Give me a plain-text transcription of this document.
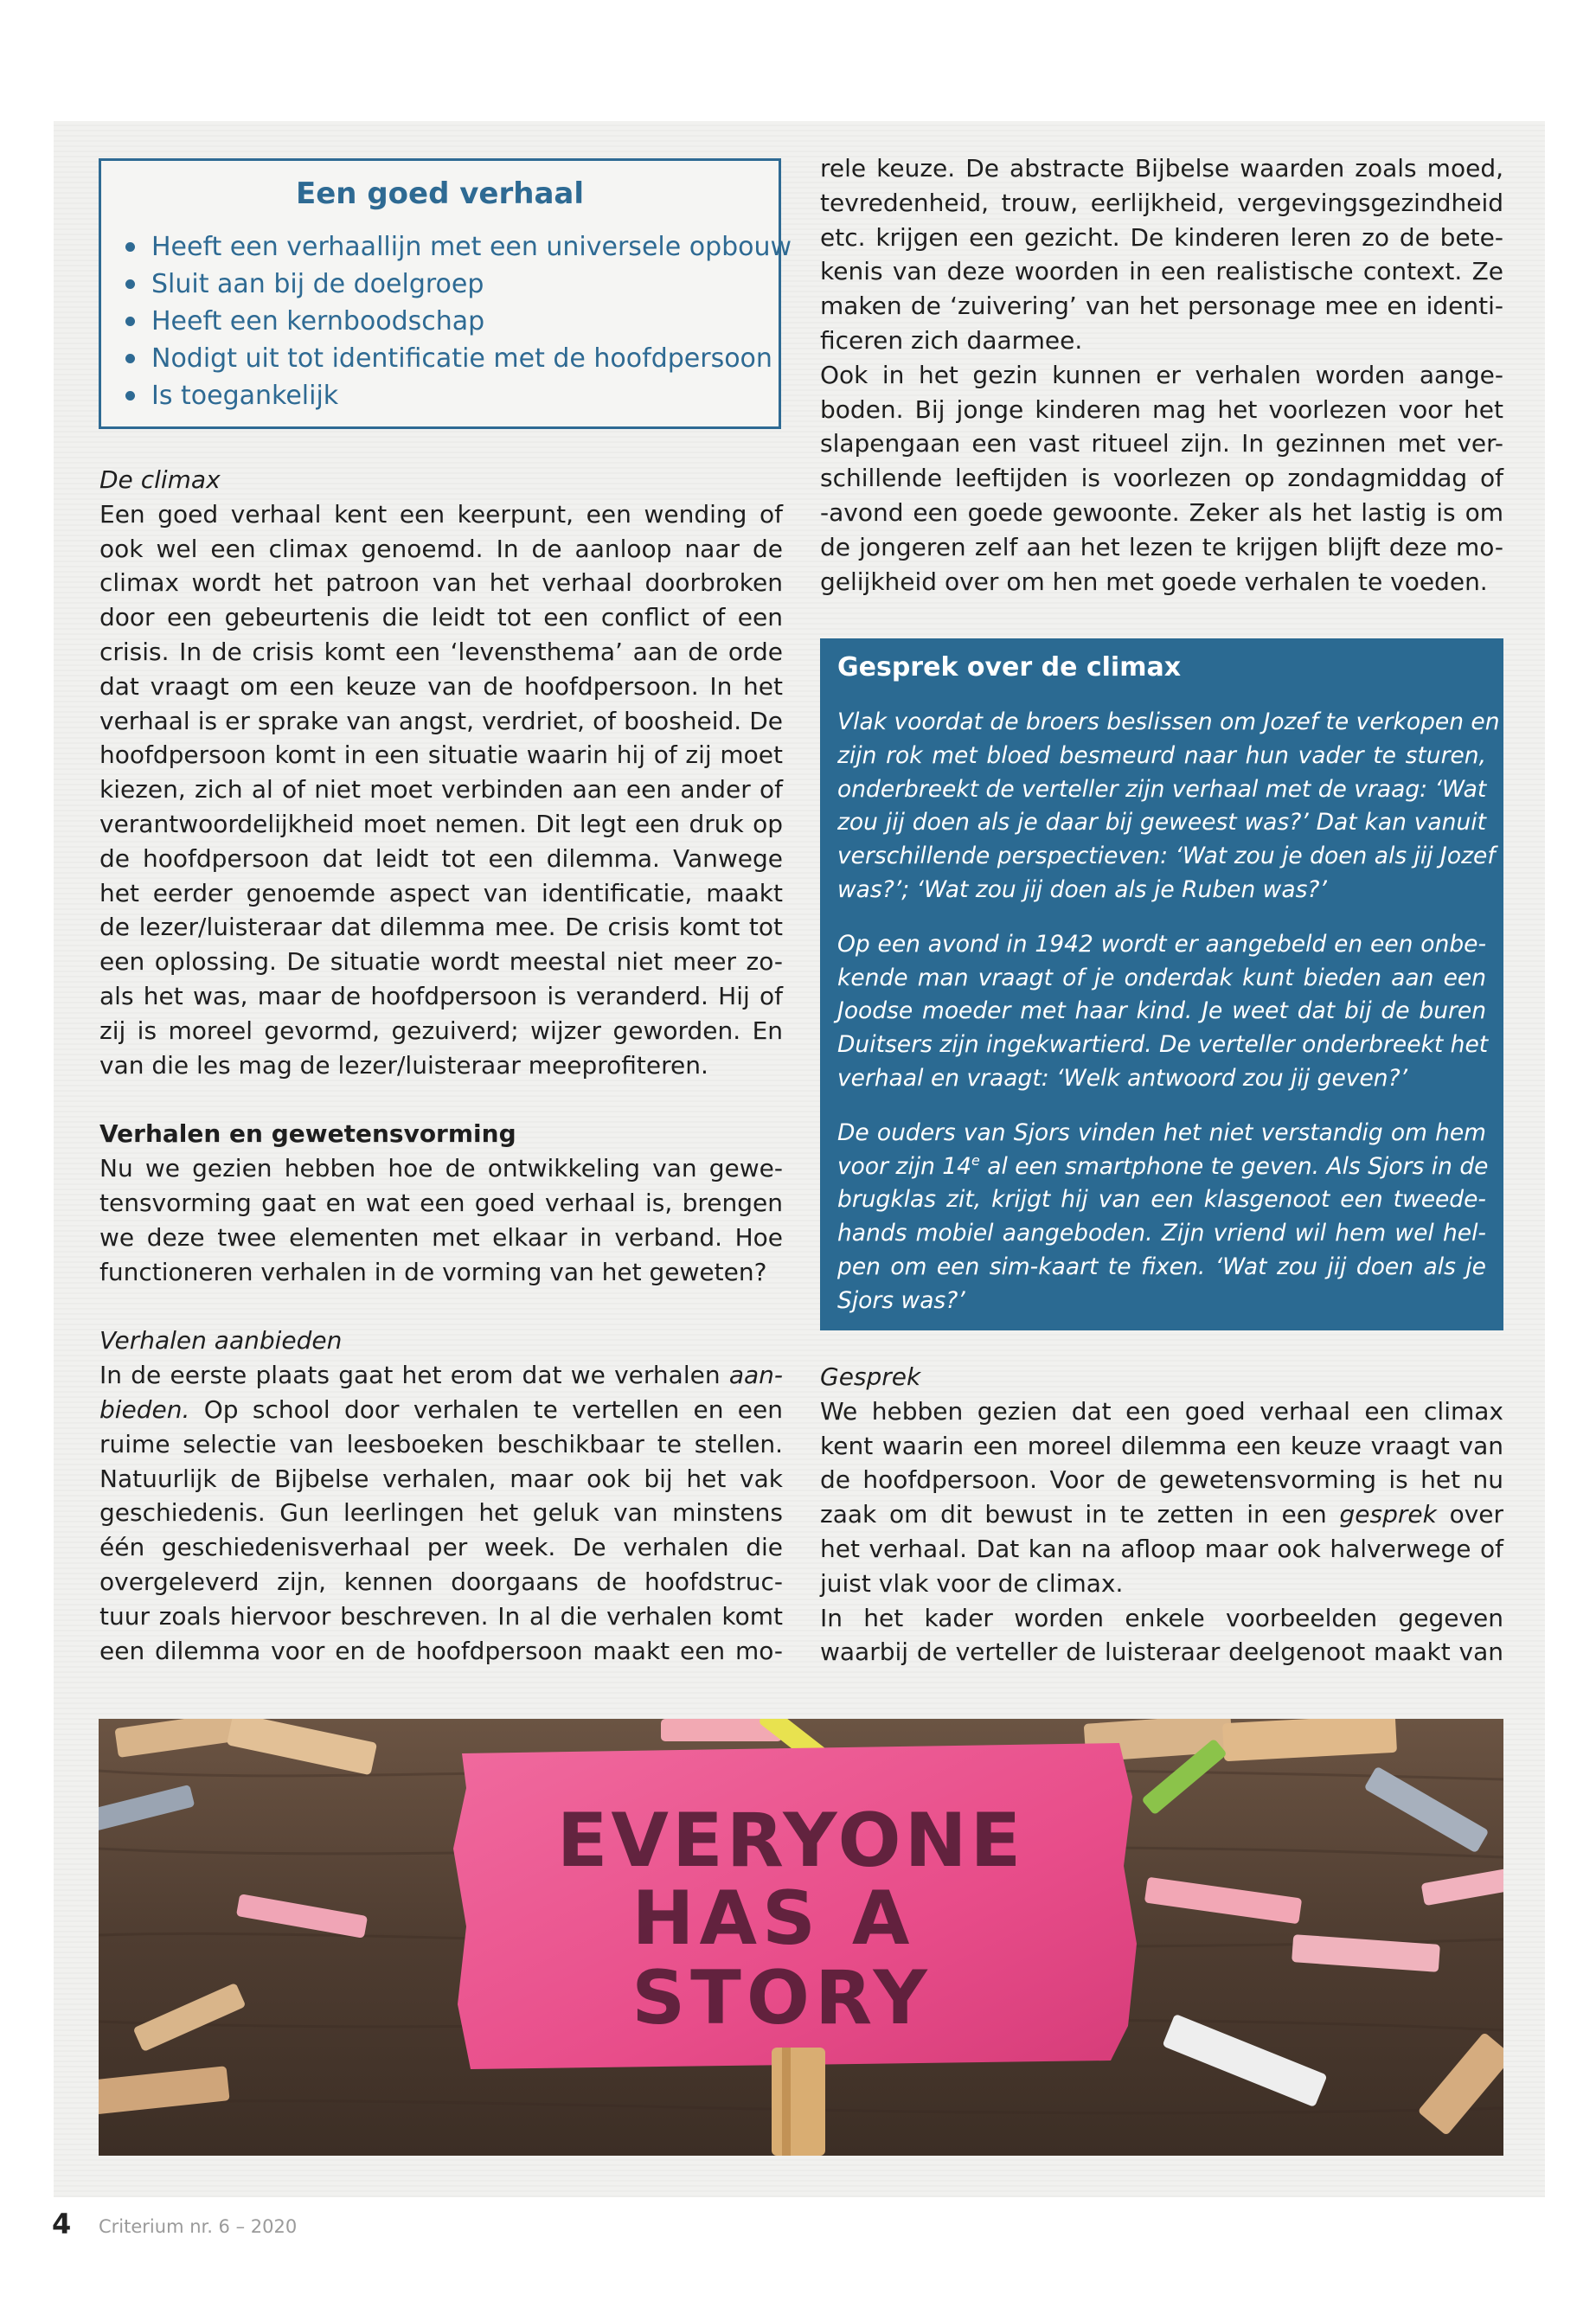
Een goed verhaal
Heeft een verhaallijn met een universele opbouw
Sluit aan bij de doelgroep
Heeft een kernboodschap
Nodigt uit tot identificatie met de hoofdpersoon
Is toegankelijk

De climax

Een goed verhaal kent een keerpunt, een wending of
ook wel een climax genoemd. In de aanloop naar de
climax wordt het patroon van het verhaal doorbroken
door een gebeurtenis die leidt tot een conflict of een
crisis. In de crisis komt een ‘levensthema’ aan de orde
dat vraagt om een keuze van de hoofdpersoon. In het
verhaal is er sprake van angst, verdriet, of boosheid. De
hoofdpersoon komt in een situatie waarin hij of zij moet
kiezen, zich al of niet moet verbinden aan een ander of
verantwoordelijkheid moet nemen. Dit legt een druk op
de hoofdpersoon dat leidt tot een dilemma. Vanwege
het eerder genoemde aspect van identificatie, maakt
de lezer/luisteraar dat dilemma mee. De crisis komt tot
een oplossing. De situatie wordt meestal niet meer zo-
als het was, maar de hoofdpersoon is veranderd. Hij of
zij is moreel gevormd, gezuiverd; wijzer geworden. En
van die les mag de lezer/luisteraar meeprofiteren.

Verhalen en gewetensvorming

Nu we gezien hebben hoe de ontwikkeling van gewe-
tensvorming gaat en wat een goed verhaal is, brengen
we deze twee elementen met elkaar in verband. Hoe
functioneren verhalen in de vorming van het geweten?

Verhalen aanbieden

In de eerste plaats gaat het erom dat we verhalen aan-
bieden. Op school door verhalen te vertellen en een
ruime selectie van leesboeken beschikbaar te stellen.
Natuurlijk de Bijbelse verhalen, maar ook bij het vak
geschiedenis. Gun leerlingen het geluk van minstens
één geschiedenisverhaal per week. De verhalen die
overgeleverd zijn, kennen doorgaans de hoofdstruc-
tuur zoals hiervoor beschreven. In al die verhalen komt
een dilemma voor en de hoofdpersoon maakt een mo-
rele keuze. De abstracte Bijbelse waarden zoals moed,
tevredenheid, trouw, eerlijkheid, vergevingsgezindheid
etc. krijgen een gezicht. De kinderen leren zo de bete-
kenis van deze woorden in een realistische context. Ze
maken de ‘zuivering’ van het personage mee en identi-
ficeren zich daarmee.
Ook in het gezin kunnen er verhalen worden aange-
boden. Bij jonge kinderen mag het voorlezen voor het
slapengaan een vast ritueel zijn. In gezinnen met ver-
schillende leeftijden is voorlezen op zondagmiddag of
-avond een goede gewoonte. Zeker als het lastig is om
de jongeren zelf aan het lezen te krijgen blijft deze mo-
gelijkheid over om hen met goede verhalen te voeden.
Gesprek over de climax
Vlak voordat de broers beslissen om Jozef te verkopen en
zijn rok met bloed besmeurd naar hun vader te sturen,
onderbreekt de verteller zijn verhaal met de vraag: ‘Wat
zou jij doen als je daar bij geweest was?’ Dat kan vanuit
verschillende perspectieven: ‘Wat zou je doen als jij Jozef
was?’; ‘Wat zou jij doen als je Ruben was?’
Op een avond in 1942 wordt er aangebeld en een onbe-
kende man vraagt of je onderdak kunt bieden aan een
Joodse moeder met haar kind. Je weet dat bij de buren
Duitsers zijn ingekwartierd. De verteller onderbreekt het
verhaal en vraagt: ‘Welk antwoord zou jij geven?’
De ouders van Sjors vinden het niet verstandig om hem
voor zijn 14e al een smartphone te geven. Als Sjors in de
brugklas zit, krijgt hij van een klasgenoot een tweede-
hands mobiel aangeboden. Zijn vriend wil hem wel hel-
pen om een sim-kaart te fixen. ‘Wat zou jij doen als je
Sjors was?’

Gesprek

We hebben gezien dat een goed verhaal een climax
kent waarin een moreel dilemma een keuze vraagt van
de hoofdpersoon. Voor de gewetensvorming is het nu
zaak om dit bewust in te zetten in een gesprek over
het verhaal. Dat kan na afloop maar ook halverwege of
juist vlak voor de climax.
In het kader worden enkele voorbeelden gegeven
waarbij de verteller de luisteraar deelgenoot maakt van
EVERYONE
HAS A
STORY
4 Criterium nr. 6 – 2020
